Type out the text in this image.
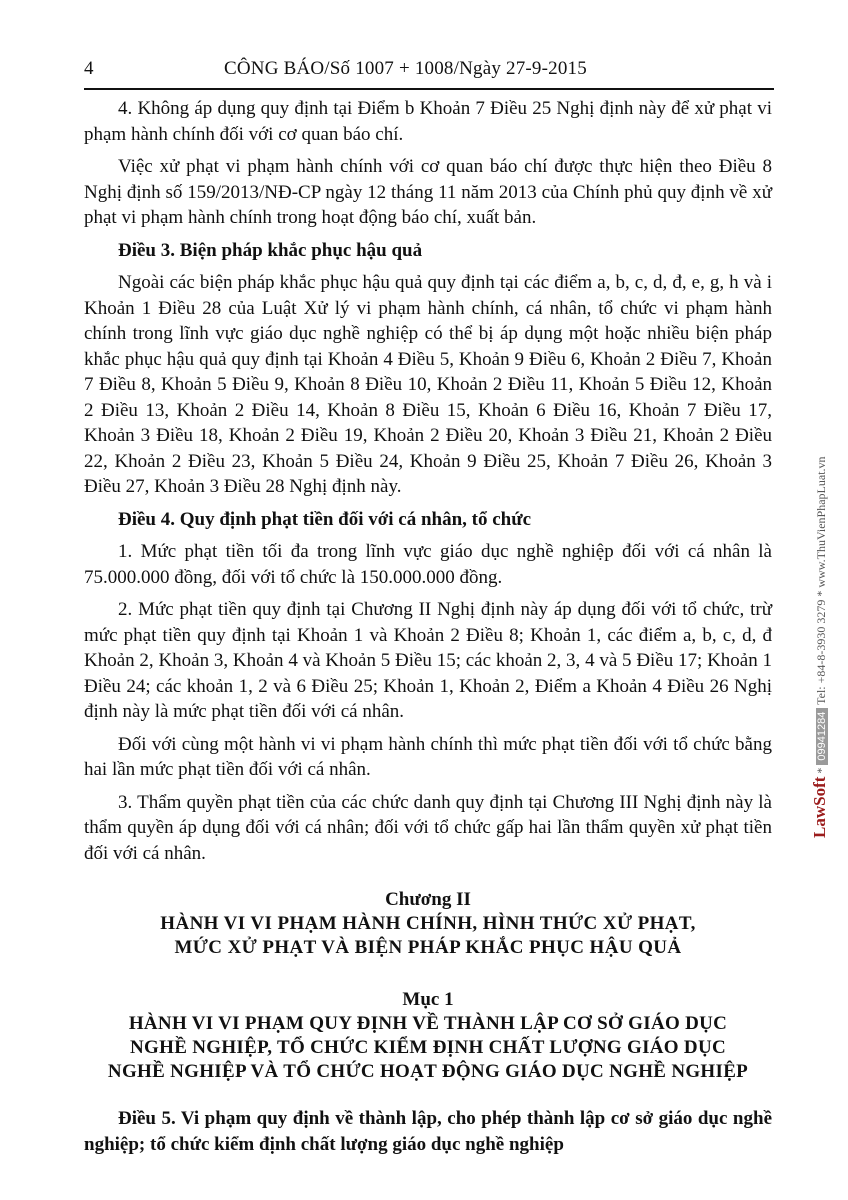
4	CÔNG BÁO/Số 1007 + 1008/Ngày 27-9-2015

4. Không áp dụng quy định tại Điểm b Khoản 7 Điều 25 Nghị định này để xử phạt vi phạm hành chính đối với cơ quan báo chí.

Việc xử phạt vi phạm hành chính với cơ quan báo chí được thực hiện theo Điều 8 Nghị định số 159/2013/NĐ-CP ngày 12 tháng 11 năm 2013 của Chính phủ quy định về xử phạt vi phạm hành chính trong hoạt động báo chí, xuất bản.

Điều 3. Biện pháp khắc phục hậu quả

Ngoài các biện pháp khắc phục hậu quả quy định tại các điểm a, b, c, d, đ, e, g, h và i Khoản 1 Điều 28 của Luật Xử lý vi phạm hành chính, cá nhân, tổ chức vi phạm hành chính trong lĩnh vực giáo dục nghề nghiệp có thể bị áp dụng một hoặc nhiều biện pháp khắc phục hậu quả quy định tại Khoản 4 Điều 5, Khoản 9 Điều 6, Khoản 2 Điều 7, Khoản 7 Điều 8, Khoản 5 Điều 9, Khoản 8 Điều 10, Khoản 2 Điều 11, Khoản 5 Điều 12, Khoản 2 Điều 13, Khoản 2 Điều 14, Khoản 8 Điều 15, Khoản 6 Điều 16, Khoản 7 Điều 17, Khoản 3 Điều 18, Khoản 2 Điều 19, Khoản 2 Điều 20, Khoản 3 Điều 21, Khoản 2 Điều 22, Khoản 2 Điều 23, Khoản 5 Điều 24, Khoản 9 Điều 25, Khoản 7 Điều 26, Khoản 3 Điều 27, Khoản 3 Điều 28 Nghị định này.

Điều 4. Quy định phạt tiền đối với cá nhân, tổ chức

1. Mức phạt tiền tối đa trong lĩnh vực giáo dục nghề nghiệp đối với cá nhân là 75.000.000 đồng, đối với tổ chức là 150.000.000 đồng.

2. Mức phạt tiền quy định tại Chương II Nghị định này áp dụng đối với tổ chức, trừ mức phạt tiền quy định tại Khoản 1 và Khoản 2 Điều 8; Khoản 1, các điểm a, b, c, d, đ Khoản 2, Khoản 3, Khoản 4 và Khoản 5 Điều 15; các khoản 2, 3, 4 và 5 Điều 17; Khoản 1 Điều 24; các khoản 1, 2 và 6 Điều 25; Khoản 1, Khoản 2, Điểm a Khoản 4 Điều 26 Nghị định này là mức phạt tiền đối với cá nhân.

Đối với cùng một hành vi vi phạm hành chính thì mức phạt tiền đối với tổ chức bằng hai lần mức phạt tiền đối với cá nhân.

3. Thẩm quyền phạt tiền của các chức danh quy định tại Chương III Nghị định này là thẩm quyền áp dụng đối với cá nhân; đối với tổ chức gấp hai lần thẩm quyền xử phạt tiền đối với cá nhân.

Chương II
HÀNH VI VI PHẠM HÀNH CHÍNH, HÌNH THỨC XỬ PHẠT,
MỨC XỬ PHẠT VÀ BIỆN PHÁP KHẮC PHỤC HẬU QUẢ
Mục 1
HÀNH VI VI PHẠM QUY ĐỊNH VỀ THÀNH LẬP CƠ SỞ GIÁO DỤC
NGHỀ NGHIỆP, TỔ CHỨC KIỂM ĐỊNH CHẤT LƯỢNG GIÁO DỤC
NGHỀ NGHIỆP VÀ TỔ CHỨC HOẠT ĐỘNG GIÁO DỤC NGHỀ NGHIỆP

Điều 5. Vi phạm quy định về thành lập, cho phép thành lập cơ sở giáo dục nghề nghiệp; tổ chức kiểm định chất lượng giáo dục nghề nghiệp

LawSoft * 09941284 Tel: +84-8-3930 3279 * www.ThuVienPhapLuat.vn
